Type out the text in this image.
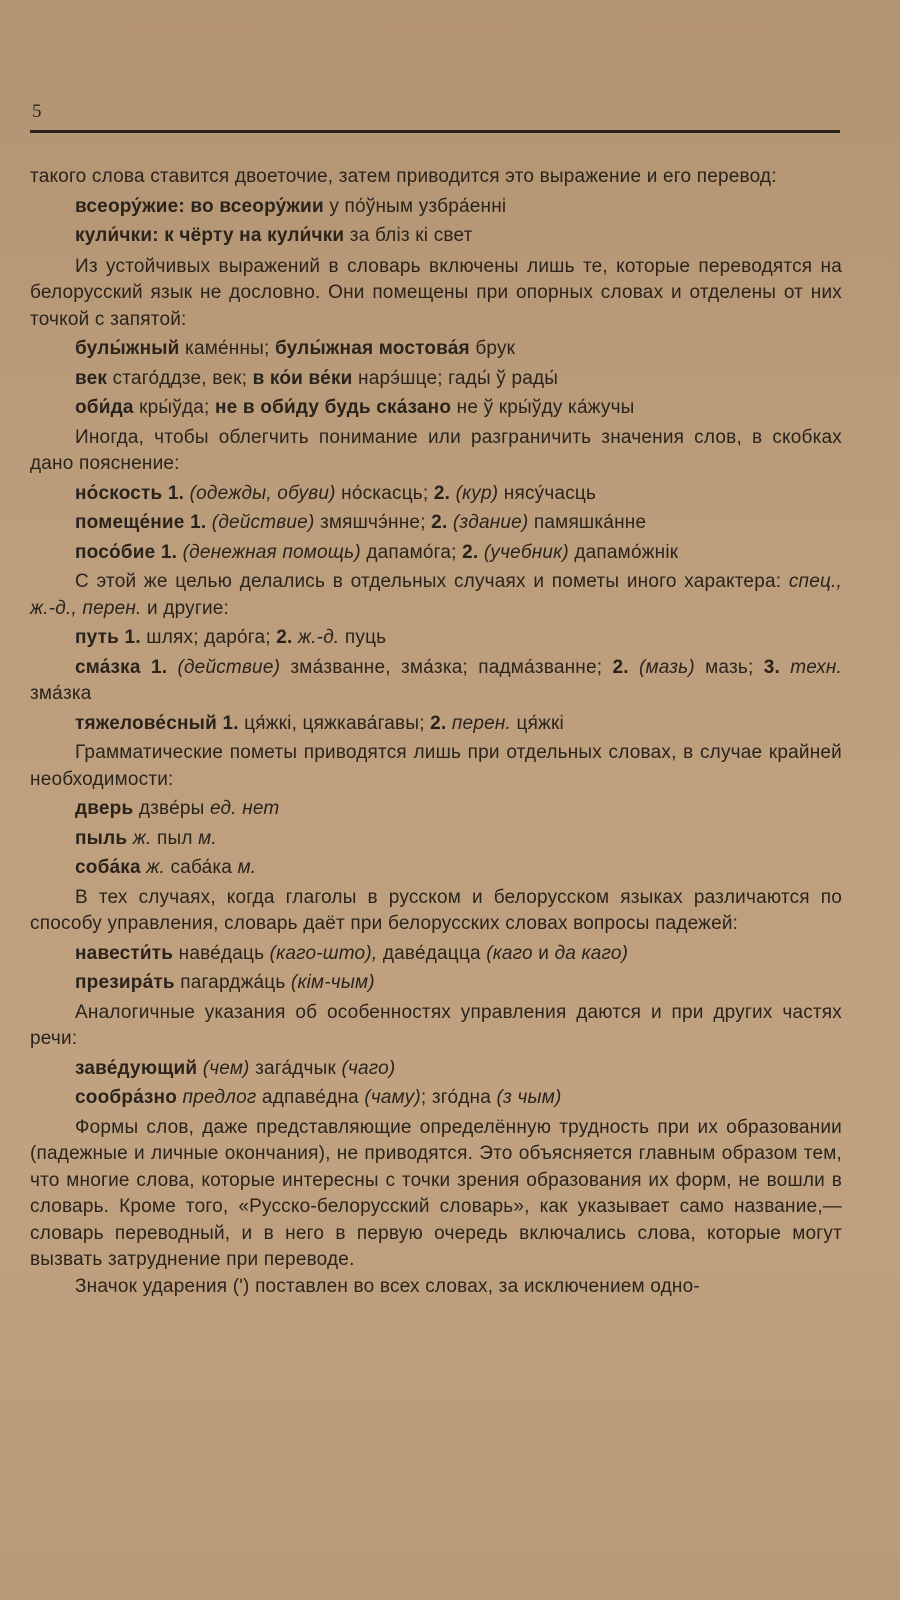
5

такого слова ставится двоеточие, затем приводится это выражение и его перевод:

всеору́жие: во всеору́жии у по́ўным узбра́енні
кули́чки: к чёрту на кули́чки за бліз кі свет

Из устойчивых выражений в словарь включены лишь те, которые переводятся на белорусский язык не дословно. Они помещены при опорных словах и отделены от них точкой с запятой:

булы́жный каме́нны; булы́жная мостова́я брук
век стаго́ддзе, век; в ко́и ве́ки нарэ́шце; гады́ ў рады́
оби́да кры́ўда; не в оби́ду будь ска́зано не ў кры́ўду ка́жучы

Иногда, чтобы облегчить понимание или разграничить значения слов, в скобках дано пояснение:

но́скость 1. (одежды, обуви) но́скасць; 2. (кур) нясу́часць
помеще́ние 1. (действие) змяшчэ́нне; 2. (здание) памяшка́нне
посо́бие 1. (денежная помощь) дапамо́га; 2. (учебник) дапамо́жнік

С этой же целью делались в отдельных случаях и пометы иного характера: спец., ж.-д., перен. и другие:

путь 1. шлях; даро́га; 2. ж.-д. пуць
сма́зка 1. (действие) зма́званне, зма́зка; падма́званне; 2. (мазь) мазь; 3. техн. зма́зка
тяжелове́сный 1. ця́жкі, цяжкава́гавы; 2. перен. ця́жкі

Грамматические пометы приводятся лишь при отдельных словах, в случае крайней необходимости:

дверь дзве́ры ед. нет
пыль ж. пыл м.
соба́ка ж. саба́ка м.

В тех случаях, когда глаголы в русском и белорусском языках различаются по способу управления, словарь даёт при белорусских словах вопросы падежей:

навести́ть наве́даць (каго-што), даве́дацца (каго и да каго)
презира́ть пагарджа́ць (кім-чым)

Аналогичные указания об особенностях управления даются и при других частях речи:

заве́дующий (чем) зага́дчык (чаго)
сообра́зно предлог адпаве́дна (чаму); зго́дна (з чым)

Формы слов, даже представляющие определённую трудность при их образовании (падежные и личные окончания), не приводятся. Это объясняется главным образом тем, что многие слова, которые интересны с точки зрения образования их форм, не вошли в словарь. Кроме того, «Русско-белорусский словарь», как указывает само название,— словарь переводный, и в него в первую очередь включались слова, которые могут вызвать затруднение при переводе.

Значок ударения (ʹ) поставлен во всех словах, за исключением одно-
